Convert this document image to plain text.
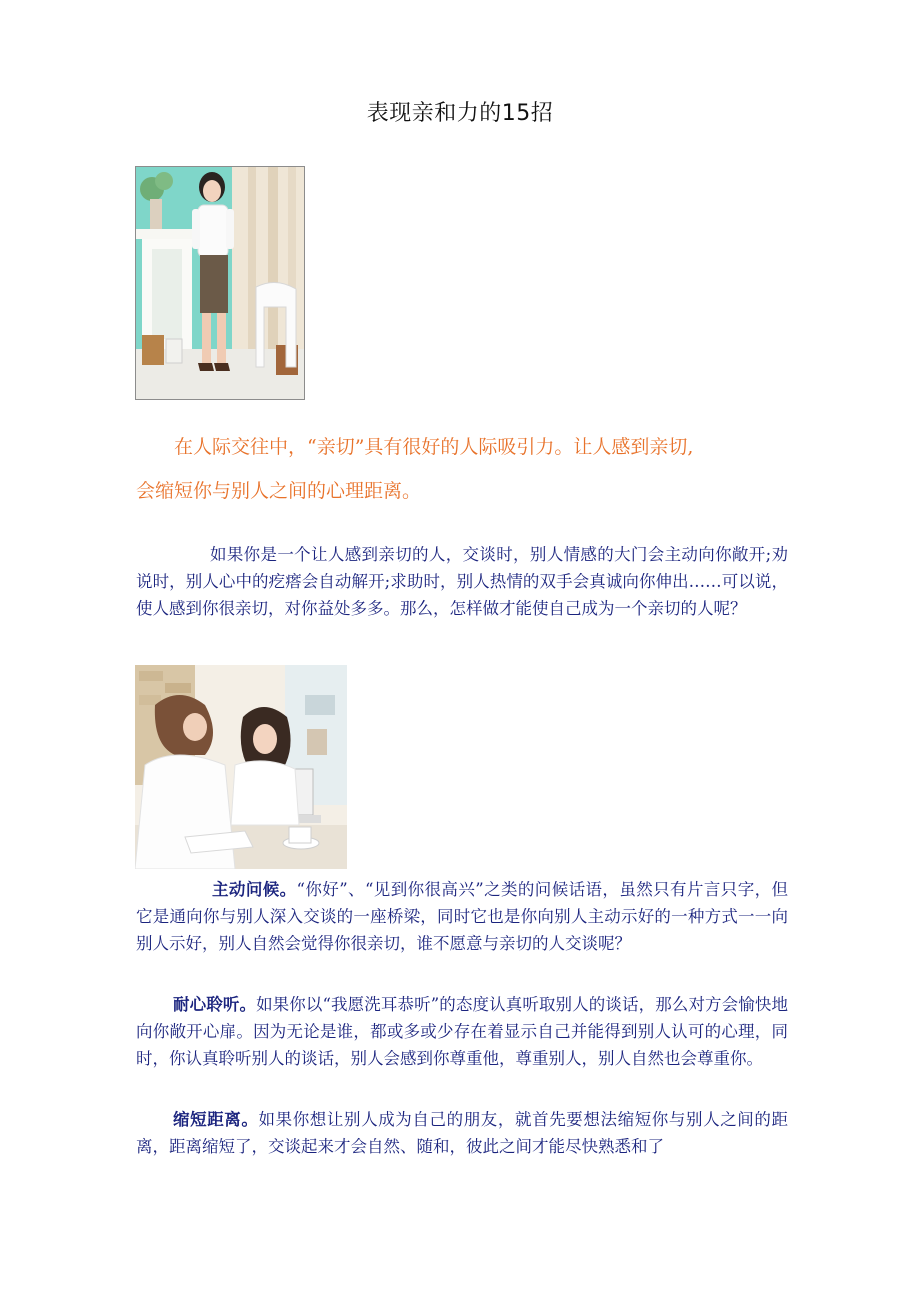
表现亲和力的15招
在人际交往中，“亲切”具有很好的人际吸引力。让人感到亲切,
会缩短你与别人之间的心理距离。
如果你是一个让人感到亲切的人，交谈时，别人情感的大门会主动向你敞开;劝说时，别人心中的疙瘩会自动解开;求助时，别人热情的双手会真诚向你伸出……可以说，使人感到你很亲切，对你益处多多。那么，怎样做才能使自己成为一个亲切的人呢？
主动问候。“你好”、“见到你很高兴”之类的问候话语，虽然只有片言只字，但它是通向你与别人深入交谈的一座桥梁，同时它也是你向别人主动示好的一种方式一一向别人示好，别人自然会觉得你很亲切，谁不愿意与亲切的人交谈呢？
耐心聆听。如果你以“我愿洗耳恭听”的态度认真听取别人的谈话，那么对方会愉快地向你敞开心扉。因为无论是谁，都或多或少存在着显示自己并能得到别人认可的心理，同时，你认真聆听别人的谈话，别人会感到你尊重他，尊重别人，别人自然也会尊重你。
缩短距离。如果你想让别人成为自己的朋友，就首先要想法缩短你与别人之间的距离，距离缩短了，交谈起来才会自然、随和，彼此之间才能尽快熟悉和了
